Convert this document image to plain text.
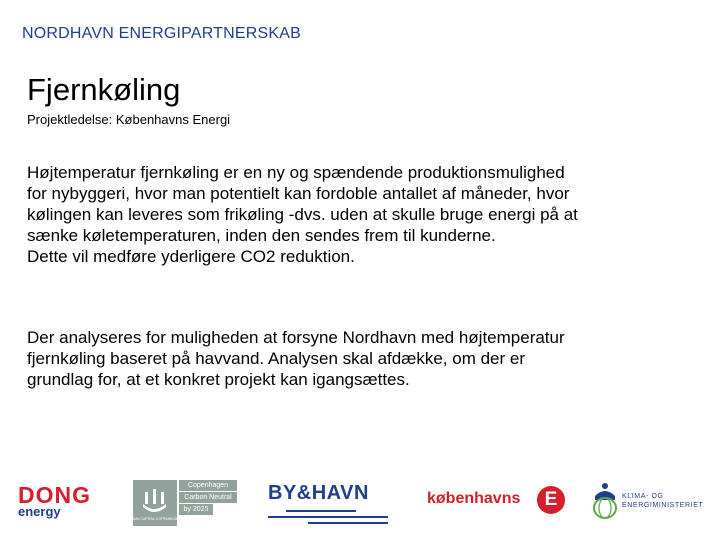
NORDHAVN ENERGIPARTNERSKAB
Fjernkøling
Projektledelse: Københavns Energi

Højtemperatur fjernkøling er en ny og spændende produktionsmulighed for nybyggeri, hvor man potentielt kan fordoble antallet af måneder, hvor kølingen kan leveres som frikøling -dvs. uden at skulle bruge energi på at sænke køletemperaturen, inden den sendes frem til kunderne.

Dette vil medføre yderligere CO2 reduktion.

Der analyseres for muligheden at forsyne Nordhavn med højtemperatur fjernkøling baseret på havvand. Analysen skal afdække, om der er grundlag for, at et konkret projekt kan igangsættes.

DONG
energy	KLIMA CAPITAL COPENHAGEN
Copenhagen
Carbon Neutral
by 2025
BY&HAVN	københavns	E	KLIMA- OG
ENERGIMINISTERIET
